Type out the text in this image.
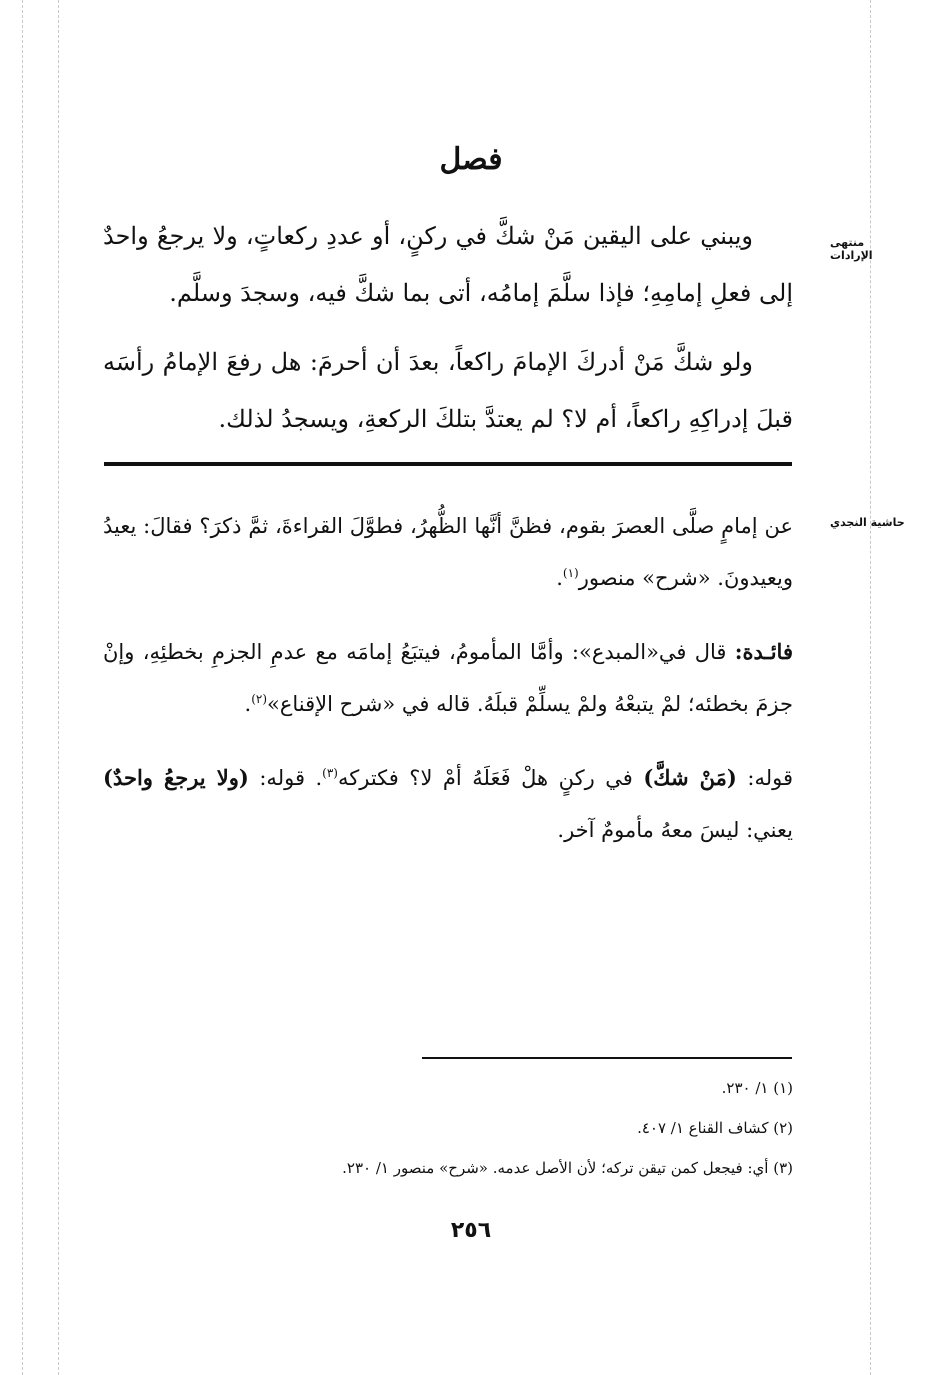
فصل
منتهى الإرادات
حاشية النجدي

ويبني على اليقين مَنْ شكَّ في ركنٍ، أو عددِ ركعاتٍ، ولا يرجعُ واحدٌ إلى فعلِ إمامِهِ؛ فإذا سلَّمَ إمامُه، أتى بما شكَّ فيه، وسجدَ وسلَّم.

ولو شكَّ مَنْ أدركَ الإمامَ راكعاً، بعدَ أن أحرمَ: هل رفعَ الإمامُ رأسَه قبلَ إدراكِهِ راكعاً، أم لا؟ لم يعتدَّ بتلكَ الركعةِ، ويسجدُ لذلك.

عن إمامٍ صلَّى العصرَ بقوم، فظنَّ أنَّها الظُّهرُ، فطوَّلَ القراءةَ، ثمَّ ذكرَ؟ فقالَ: يعيدُ ويعيدونَ. «شرح» منصور$^{(١)}$.

فائـدة: قال في«المبدع»: وأمَّا المأمومُ، فيتبَعُ إمامَه مع عدمِ الجزمِ بخطئِهِ، وإنْ جزمَ بخطئه؛ لمْ يتبعْهُ ولمْ يسلِّمْ قبلَهُ. قاله في «شرح الإقناع»$^{(٢)}$.

قوله: (مَنْ شكَّ) في ركنٍ هلْ فَعَلَهُ أمْ لا؟ فكتركه$^{(٣)}$. قوله: (ولا يرجعُ واحدٌ) يعني: ليسَ معهُ مأمومٌ آخر.

(١) ١/ ٢٣٠.
(٢) كشاف القناع ١/ ٤٠٧.
(٣) أي: فيجعل كمن تيقن تركه؛ لأن الأصل عدمه. «شرح» منصور ١/ ٢٣٠.
٢٥٦
